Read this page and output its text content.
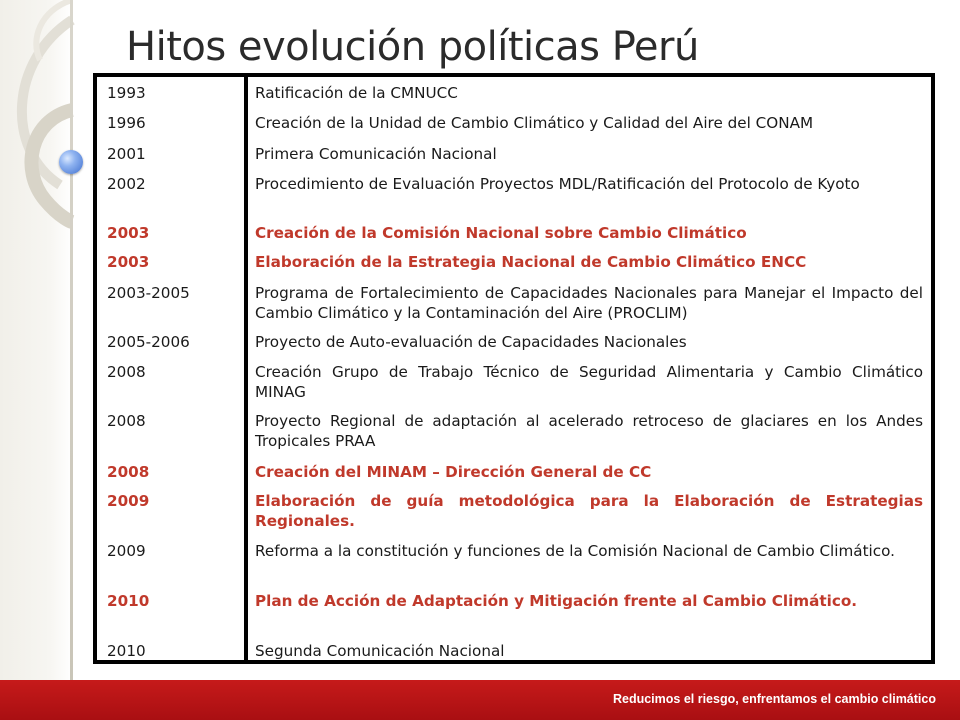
Hitos evolución políticas Perú
1993	Ratificación de la CMNUCC
1996	Creación de la Unidad de Cambio Climático y Calidad del Aire del CONAM
2001	Primera Comunicación Nacional
2002	Procedimiento de Evaluación Proyectos MDL/Ratificación del Protocolo de Kyoto
2003	Creación de la Comisión Nacional sobre Cambio Climático
2003	Elaboración de la Estrategia Nacional de Cambio Climático ENCC
2003-2005	Programa de Fortalecimiento de Capacidades Nacionales para Manejar el Impacto del Cambio Climático y la Contaminación del Aire (PROCLIM)
2005-2006	Proyecto de Auto-evaluación de Capacidades Nacionales
2008	Creación Grupo de Trabajo Técnico de Seguridad Alimentaria y Cambio Climático MINAG
2008	Proyecto Regional de adaptación al acelerado retroceso de glaciares en los Andes Tropicales PRAA
2008	Creación del MINAM – Dirección General de CC
2009	Elaboración de guía metodológica para la Elaboración de Estrategias Regionales.
2009	Reforma a la constitución y funciones de la Comisión Nacional de Cambio Climático.
2010	Plan de Acción de Adaptación y Mitigación frente al Cambio Climático.
2010	Segunda Comunicación Nacional
Reducimos el riesgo, enfrentamos el cambio climático
